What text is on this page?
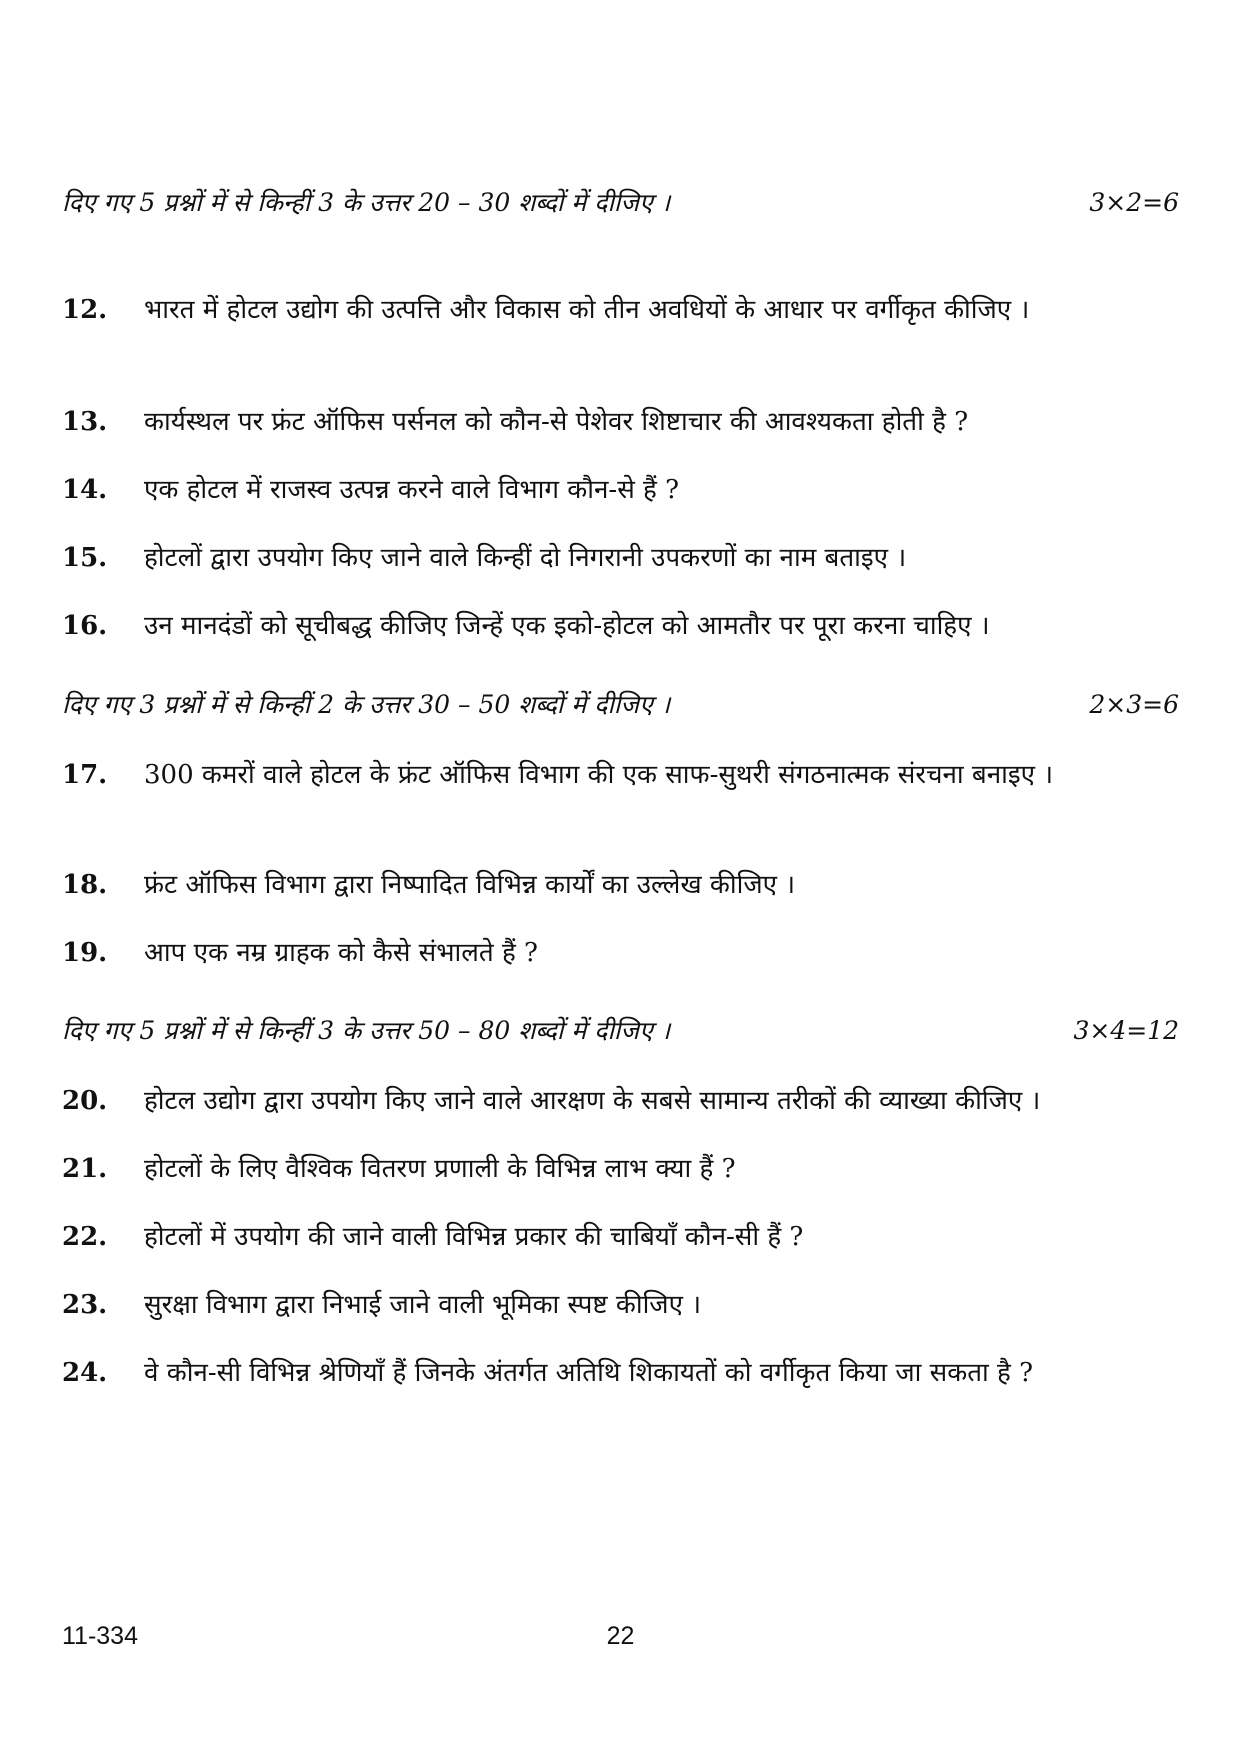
दिए गए 5 प्रश्नों में से किन्हीं 3 के उत्तर 20 – 30 शब्दों में दीजिए ।	3×2=6
12.	भारत में होटल उद्योग की उत्पत्ति और विकास को तीन अवधियों के आधार पर वर्गीकृत कीजिए ।
13.	कार्यस्थल पर फ्रंट ऑफिस पर्सनल को कौन-से पेशेवर शिष्टाचार की आवश्यकता होती है ?
14.	एक होटल में राजस्व उत्पन्न करने वाले विभाग कौन-से हैं ?
15.	होटलों द्वारा उपयोग किए जाने वाले किन्हीं दो निगरानी उपकरणों का नाम बताइए ।
16.	उन मानदंडों को सूचीबद्ध कीजिए जिन्हें एक इको-होटल को आमतौर पर पूरा करना चाहिए ।
दिए गए 3 प्रश्नों में से किन्हीं 2 के उत्तर 30 – 50 शब्दों में दीजिए ।	2×3=6
17.	300 कमरों वाले होटल के फ्रंट ऑफिस विभाग की एक साफ-सुथरी संगठनात्मक संरचना बनाइए ।
18.	फ्रंट ऑफिस विभाग द्वारा निष्पादित विभिन्न कार्यों का उल्लेख कीजिए ।
19.	आप एक नम्र ग्राहक को कैसे संभालते हैं ?
दिए गए 5 प्रश्नों में से किन्हीं 3 के उत्तर 50 – 80 शब्दों में दीजिए ।	3×4=12
20.	होटल उद्योग द्वारा उपयोग किए जाने वाले आरक्षण के सबसे सामान्य तरीकों की व्याख्या कीजिए ।
21.	होटलों के लिए वैश्विक वितरण प्रणाली के विभिन्न लाभ क्या हैं ?
22.	होटलों में उपयोग की जाने वाली विभिन्न प्रकार की चाबियाँ कौन-सी हैं ?
23.	सुरक्षा विभाग द्वारा निभाई जाने वाली भूमिका स्पष्ट कीजिए ।
24.	वे कौन-सी विभिन्न श्रेणियाँ हैं जिनके अंतर्गत अतिथि शिकायतों को वर्गीकृत किया जा सकता है ?
11-334	22
